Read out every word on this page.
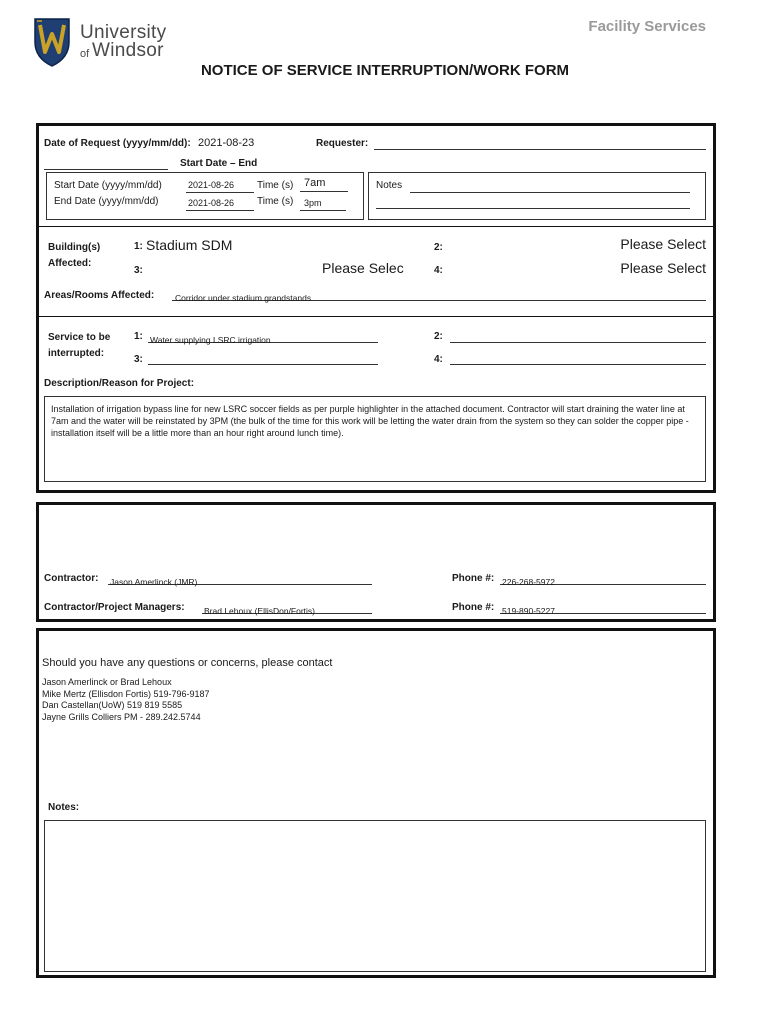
University
of Windsor
Facility Services
NOTICE OF SERVICE INTERRUPTION/WORK FORM
Date of Request (yyyy/mm/dd): 2021-08-23	Requester:
Start Date – End
Start Date (yyyy/mm/dd)	2021-08-26	Time (s) 7am
End Date (yyyy/mm/dd)	2021-08-26	Time (s)	3pm
Notes
Building(s)
Affected:
1: Stadium SDM	2:	Please Select
3:	Please Selec	4:	Please Select
Areas/Rooms Affected:	Corridor under stadium grandstands
Service to be
interrupted:
1: Water supplying LSRC irrigation	2:
3:	4:
Description/Reason for Project:
Installation of irrigation bypass line for new LSRC soccer fields as per purple highlighter in the attached document. Contractor will start draining the water line at 7am and the water will be reinstated by 3PM (the bulk of the time for this work will be letting the water drain from the system so they can solder the copper pipe - installation itself will be a little more than an hour right around lunch time).
Contractor: Jason Amerlinck (JMR)	Phone #: 226-268-5972
Contractor/Project Managers: Brad Lehoux (EllisDon/Fortis)	Phone #: 519-890-5227
Should you have any questions or concerns, please contact
Jason Amerlinck or Brad Lehoux
Mike Mertz (Ellisdon Fortis) 519-796-9187
Dan Castellan(UoW) 519 819 5585
Jayne Grills Colliers PM - 289.242.5744
Notes:
